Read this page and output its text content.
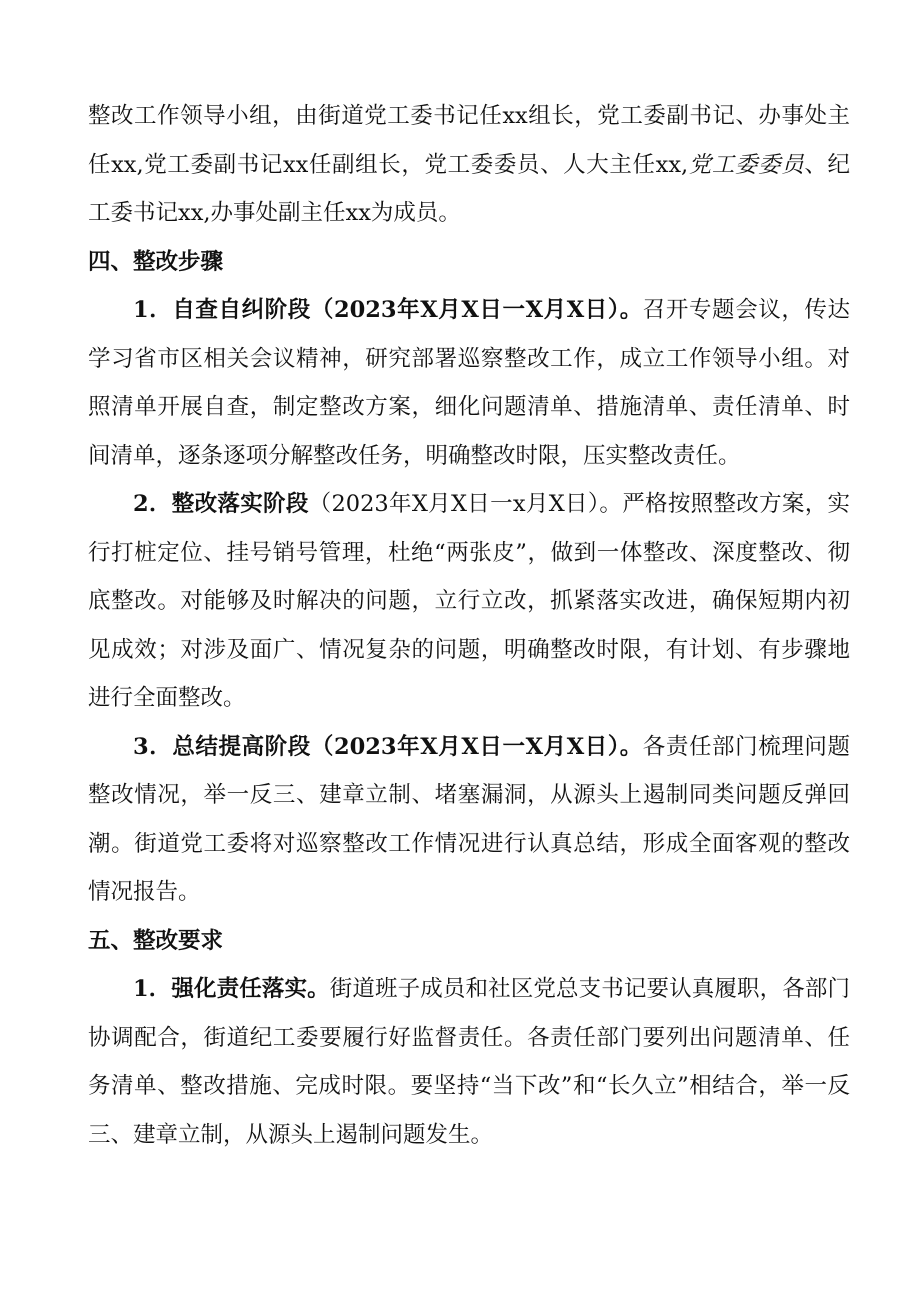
整改工作领导小组，由街道党工委书记任xx组长，党工委副书记、办事处主任xx,党工委副书记xx任副组长，党工委委员、人大主任xx,党工委委员、纪工委书记xx,办事处副主任xx为成员。

四、整改步骤

1．自查自纠阶段（2023年X月X日一X月X日）。召开专题会议，传达学习省市区相关会议精神，研究部署巡察整改工作，成立工作领导小组。对照清单开展自查，制定整改方案，细化问题清单、措施清单、责任清单、时间清单，逐条逐项分解整改任务，明确整改时限，压实整改责任。

2．整改落实阶段（2023年X月X日一x月X日）。严格按照整改方案，实行打桩定位、挂号销号管理，杜绝“两张皮”，做到一体整改、深度整改、彻底整改。对能够及时解决的问题，立行立改，抓紧落实改进，确保短期内初见成效；对涉及面广、情况复杂的问题，明确整改时限，有计划、有步骤地进行全面整改。

3．总结提高阶段（2023年X月X日一X月X日）。各责任部门梳理问题整改情况，举一反三、建章立制、堵塞漏洞，从源头上遏制同类问题反弹回潮。街道党工委将对巡察整改工作情况进行认真总结，形成全面客观的整改情况报告。

五、整改要求

1．强化责任落实。街道班子成员和社区党总支书记要认真履职，各部门协调配合，街道纪工委要履行好监督责任。各责任部门要列出问题清单、任务清单、整改措施、完成时限。要坚持“当下改”和“长久立”相结合，举一反三、建章立制，从源头上遏制问题发生。
